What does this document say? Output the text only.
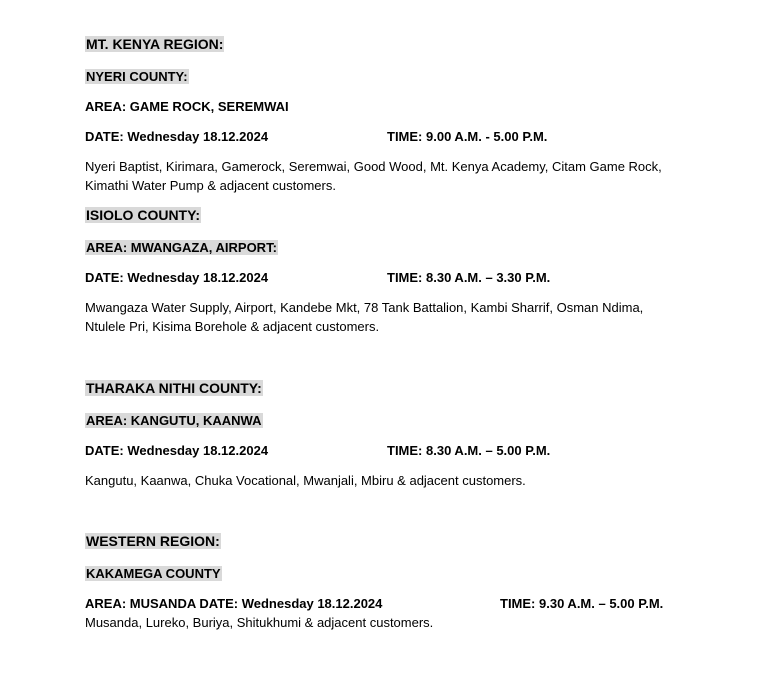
MT. KENYA REGION:
NYERI COUNTY:
AREA: GAME ROCK, SEREMWAI
DATE: Wednesday 18.12.2024	TIME: 9.00 A.M. - 5.00 P.M.
Nyeri Baptist, Kirimara, Gamerock, Seremwai, Good Wood, Mt. Kenya Academy, Citam Game Rock,
Kimathi Water Pump & adjacent customers.
ISIOLO COUNTY:
AREA: MWANGAZA, AIRPORT:
DATE: Wednesday 18.12.2024	TIME: 8.30 A.M. – 3.30 P.M.
Mwangaza Water Supply, Airport, Kandebe Mkt, 78 Tank Battalion, Kambi Sharrif, Osman Ndima,
Ntulele Pri, Kisima Borehole & adjacent customers.
THARAKA NITHI COUNTY:
AREA: KANGUTU, KAANWA
DATE: Wednesday 18.12.2024	TIME: 8.30 A.M. – 5.00 P.M.
Kangutu, Kaanwa, Chuka Vocational, Mwanjali, Mbiru & adjacent customers.
WESTERN REGION:
KAKAMEGA COUNTY
AREA: MUSANDA DATE: Wednesday 18.12.2024	TIME: 9.30 A.M. – 5.00 P.M.
Musanda, Lureko, Buriya, Shitukhumi & adjacent customers.
